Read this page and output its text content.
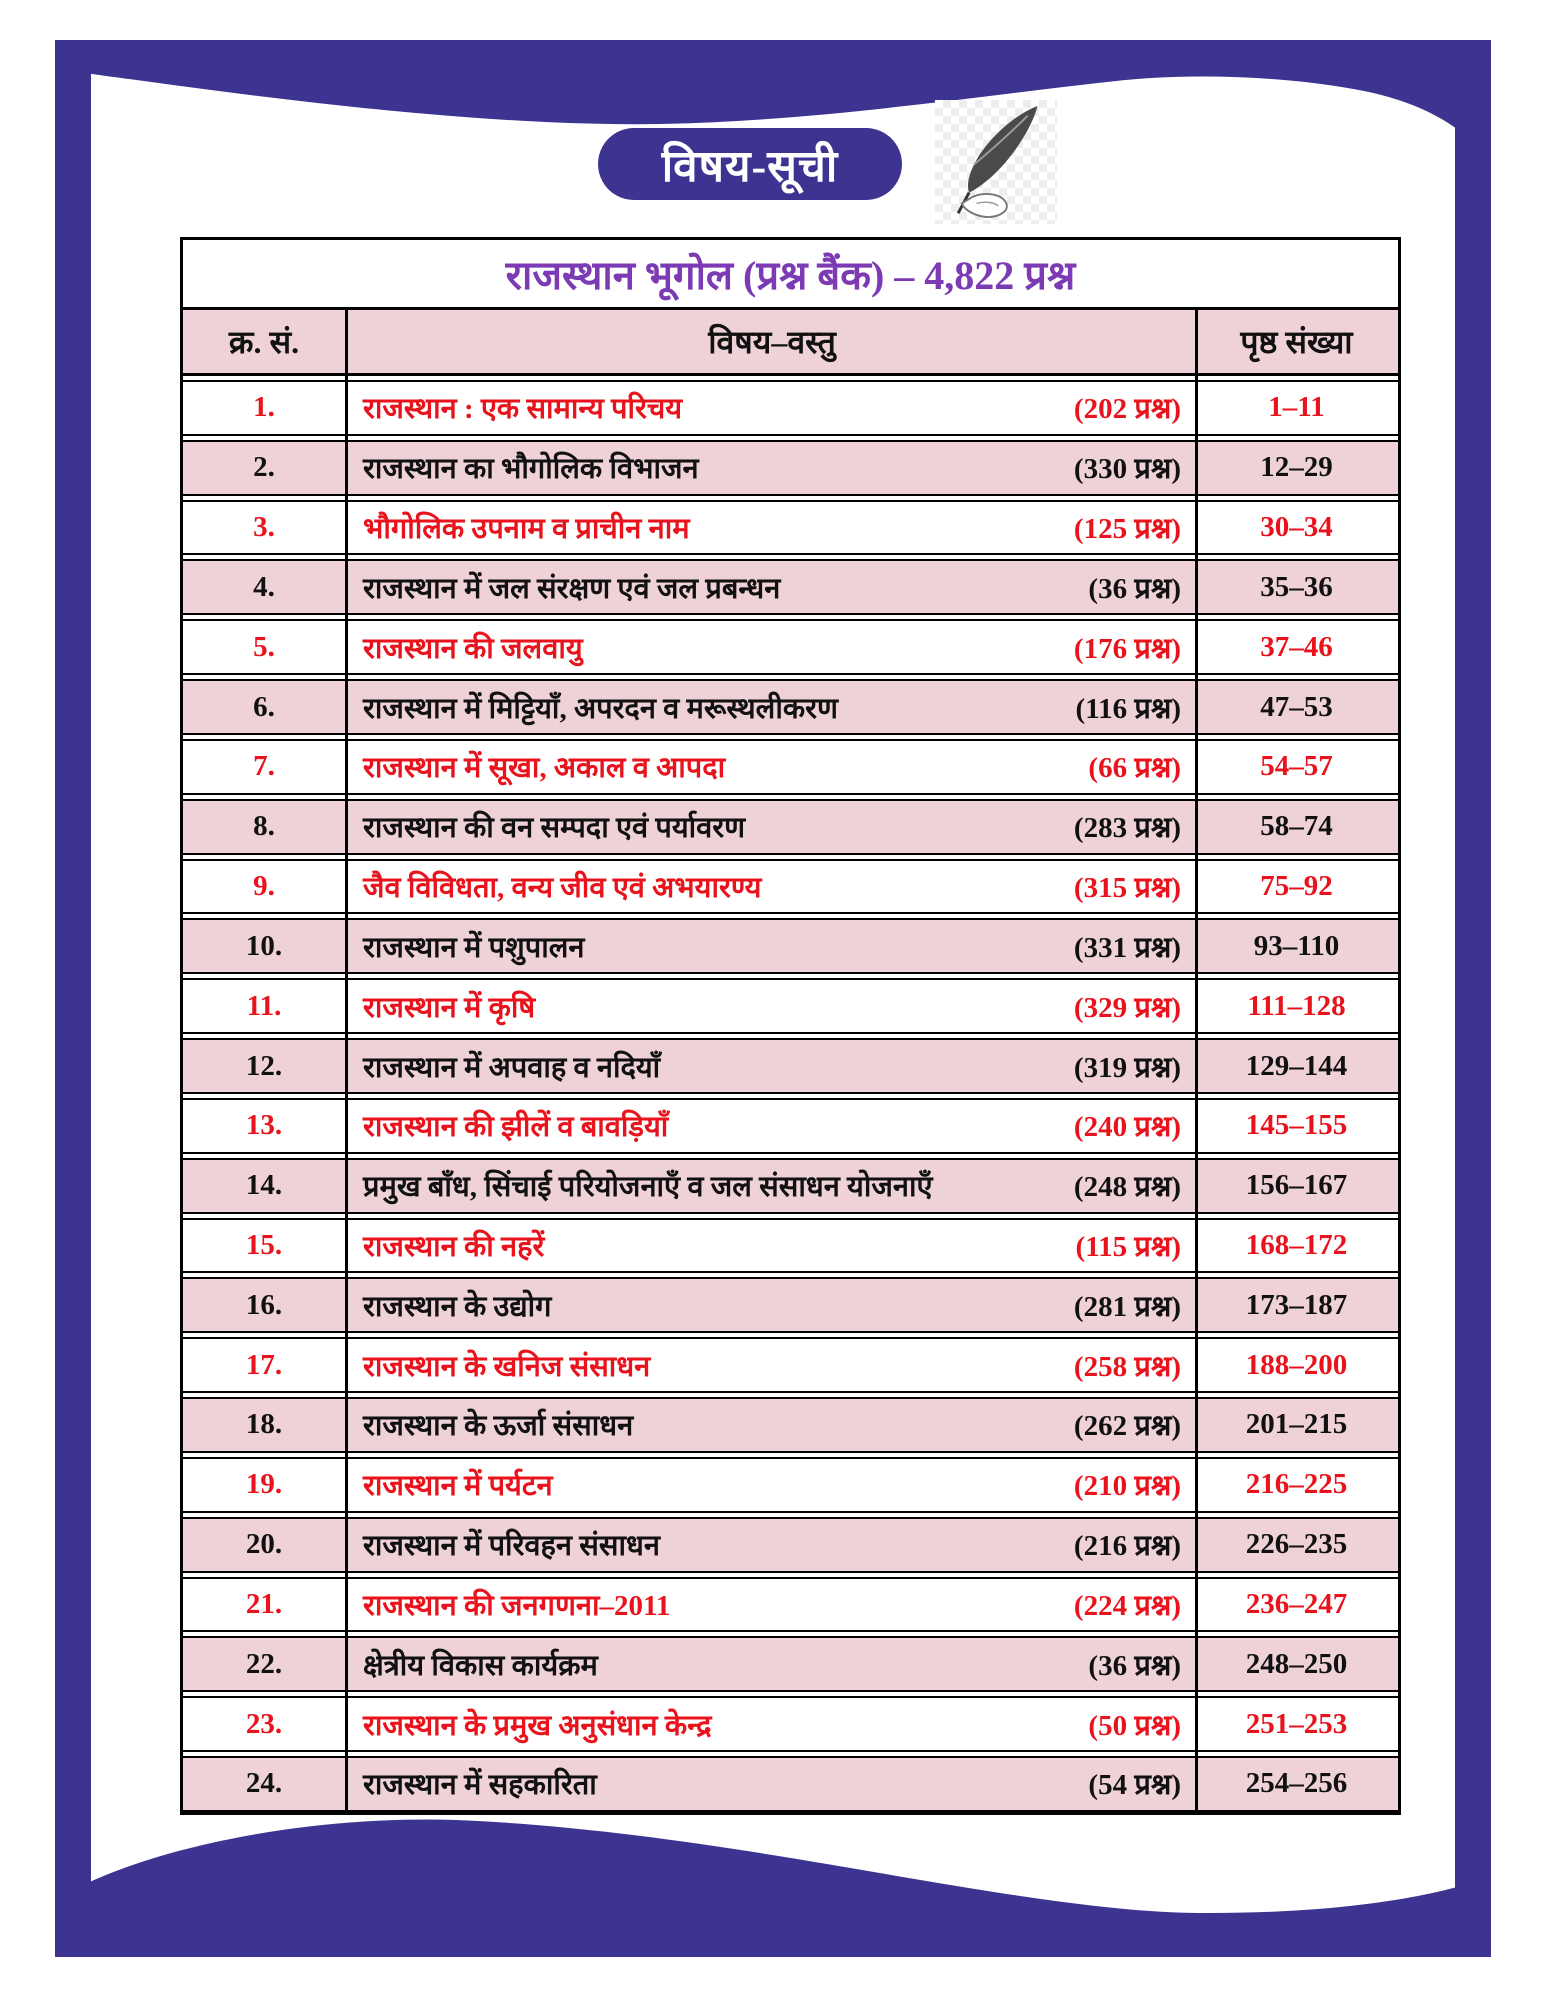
विषय-सूची
राजस्थान भूगोल (प्रश्न बैंक) – 4,822 प्रश्न
क्र. सं.	विषय–वस्तु	पृष्ठ संख्या
1.	राजस्थान : एक सामान्य परिचय	(202 प्रश्न)	1–11
2.	राजस्थान का भौगोलिक विभाजन	(330 प्रश्न)	12–29
3.	भौगोलिक उपनाम व प्राचीन नाम	(125 प्रश्न)	30–34
4.	राजस्थान में जल संरक्षण एवं जल प्रबन्धन	(36 प्रश्न)	35–36
5.	राजस्थान की जलवायु	(176 प्रश्न)	37–46
6.	राजस्थान में मिट्टियाँ, अपरदन व मरूस्थलीकरण	(116 प्रश्न)	47–53
7.	राजस्थान में सूखा, अकाल व आपदा	(66 प्रश्न)	54–57
8.	राजस्थान की वन सम्पदा एवं पर्यावरण	(283 प्रश्न)	58–74
9.	जैव विविधता, वन्य जीव एवं अभयारण्य	(315 प्रश्न)	75–92
10.	राजस्थान में पशुपालन	(331 प्रश्न)	93–110
11.	राजस्थान में कृषि	(329 प्रश्न) 111–128
12.	राजस्थान में अपवाह व नदियाँ	(319 प्रश्न) 129–144
13.	राजस्थान की झीलें व बावड़ियाँ	(240 प्रश्न) 145–155
14.	प्रमुख बाँध, सिंचाई परियोजनाएँ व जल संसाधन योजनाएँ	(248 प्रश्न) 156–167
15.	राजस्थान की नहरें	(115 प्रश्न) 168–172
16.	राजस्थान के उद्योग	(281 प्रश्न) 173–187
17.	राजस्थान के खनिज संसाधन	(258 प्रश्न) 188–200
18.	राजस्थान के ऊर्जा संसाधन	(262 प्रश्न) 201–215
19.	राजस्थान में पर्यटन	(210 प्रश्न) 216–225
20.	राजस्थान में परिवहन संसाधन	(216 प्रश्न) 226–235
21.	राजस्थान की जनगणना–2011	(224 प्रश्न) 236–247
22.	क्षेत्रीय विकास कार्यक्रम	(36 प्रश्न) 248–250
23.	राजस्थान के प्रमुख अनुसंधान केन्द्र	(50 प्रश्न) 251–253
24.	राजस्थान में सहकारिता	(54 प्रश्न) 254–256
